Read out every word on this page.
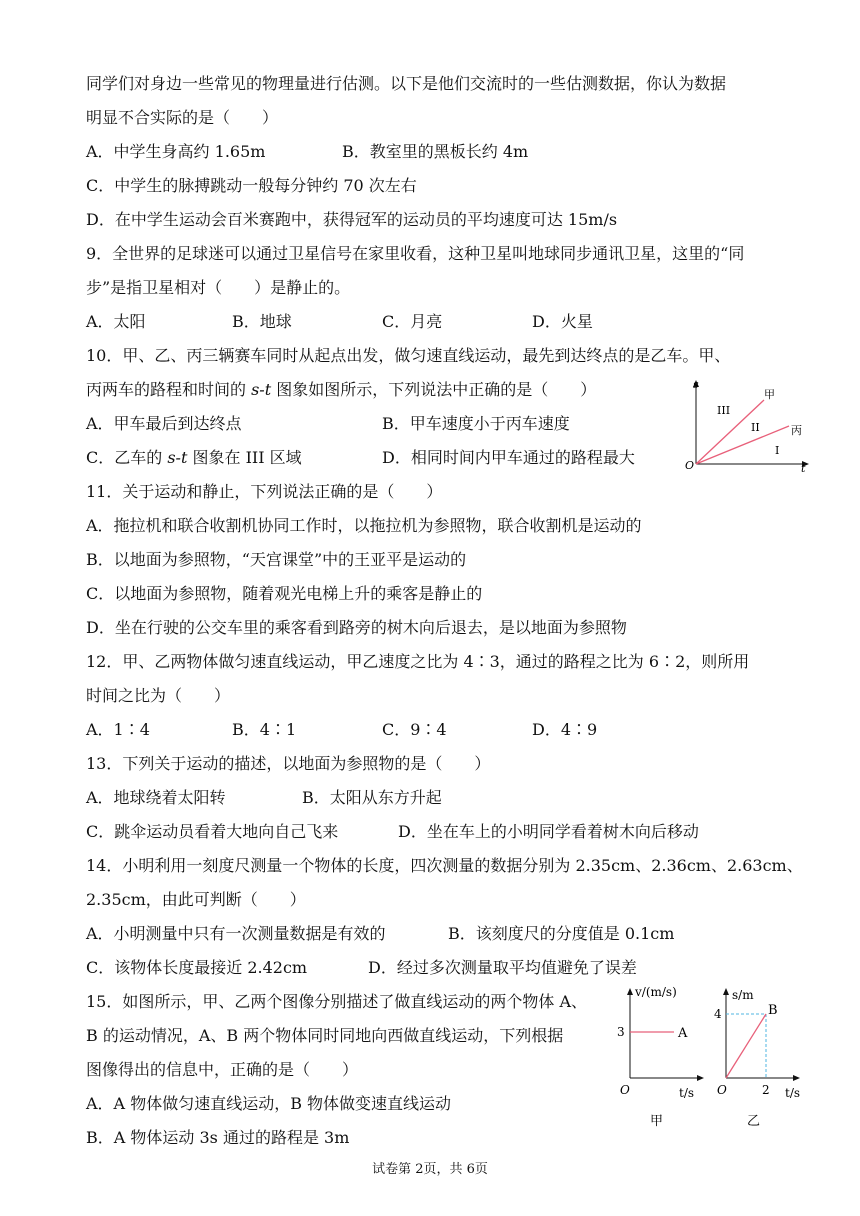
同学们对身边一些常见的物理量进行估测。以下是他们交流时的一些估测数据，你认为数据
明显不合实际的是（　　）
A．中学生身高约 1.65m	B．教室里的黑板长约 4m
C．中学生的脉搏跳动一般每分钟约 70 次左右
D．在中学生运动会百米赛跑中，获得冠军的运动员的平均速度可达 15m/s
9．全世界的足球迷可以通过卫星信号在家里收看，这种卫星叫地球同步通讯卫星，这里的“同
步”是指卫星相对（　　）是静止的。
A．太阳	B．地球	C．月亮	D．火星
10．甲、乙、丙三辆赛车同时从起点出发，做匀速直线运动，最先到达终点的是乙车。甲、
丙两车的路程和时间的 s-t 图象如图所示，下列说法中正确的是（　　）
A．甲车最后到达终点	B．甲车速度小于丙车速度
C．乙车的 s-t 图象在 III 区域	D．相同时间内甲车通过的路程最大
s
t
O
甲
丙
III
II
I
11．关于运动和静止，下列说法正确的是（　　）
A．拖拉机和联合收割机协同工作时，以拖拉机为参照物，联合收割机是运动的
B．以地面为参照物，“天宫课堂”中的王亚平是运动的
C．以地面为参照物，随着观光电梯上升的乘客是静止的
D．坐在行驶的公交车里的乘客看到路旁的树木向后退去，是以地面为参照物
12．甲、乙两物体做匀速直线运动，甲乙速度之比为 4∶3，通过的路程之比为 6∶2，则所用
时间之比为（　　）
A．1∶4	B．4∶1	C．9∶4	D．4∶9
13．下列关于运动的描述，以地面为参照物的是（　　）
A．地球绕着太阳转	B．太阳从东方升起
C．跳伞运动员看着大地向自己飞来	D．坐在车上的小明同学看着树木向后移动
14．小明利用一刻度尺测量一个物体的长度，四次测量的数据分别为 2.35cm、2.36cm、2.63cm、
2.35cm，由此可判断（　　）
A．小明测量中只有一次测量数据是有效的	B．该刻度尺的分度值是 0.1cm
C．该物体长度最接近 2.42cm	D．经过多次测量取平均值避免了误差
15．如图所示，甲、乙两个图像分别描述了做直线运动的两个物体 A、
B 的运动情况，A、B 两个物体同时同地向西做直线运动，下列根据
图像得出的信息中，正确的是（　　）
A．A 物体做匀速直线运动，B 物体做变速直线运动
B．A 物体运动 3s 通过的路程是 3m
v/(m/s)
3	A
O	t/s
甲
s/m
4	B
O	2 t/s
乙
试卷第 2页，共 6页
